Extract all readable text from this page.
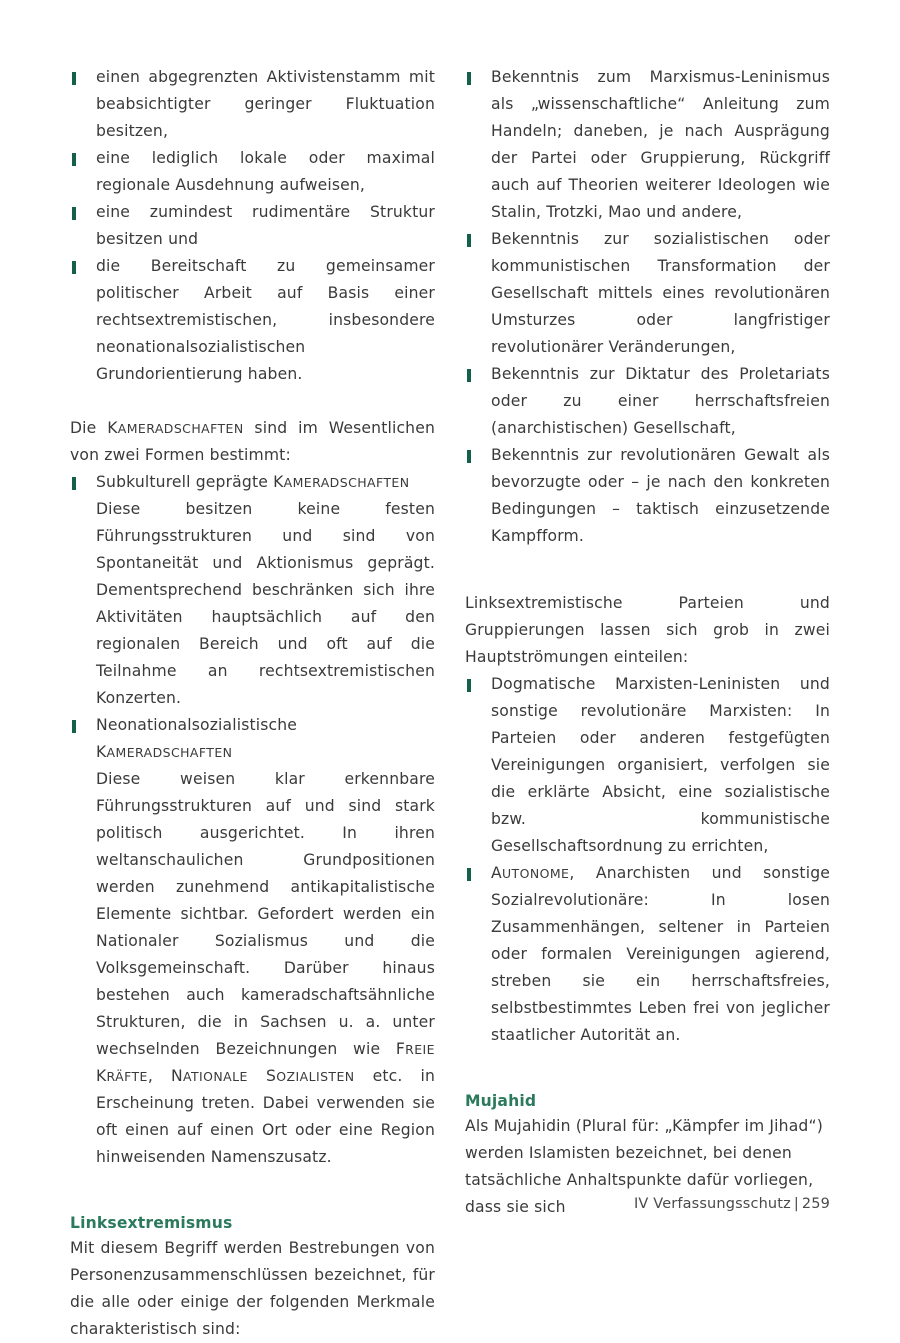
einen abgegrenzten Aktivistenstamm mit beabsichtigter geringer Fluktuation besitzen,
eine lediglich lokale oder maximal regionale Ausdehnung aufweisen,
eine zumindest rudimentäre Struktur besitzen und
die Bereitschaft zu gemeinsamer politischer Arbeit auf Basis einer rechtsextremistischen, insbesondere neonationalsozialistischen Grundorientierung haben.

Die KAMERADSCHAFTEN sind im Wesentlichen von zwei Formen bestimmt:

Subkulturell geprägte KAMERADSCHAFTEN
Diese besitzen keine festen Führungsstrukturen und sind von Spontaneität und Aktionismus geprägt. Dementsprechend beschränken sich ihre Aktivitäten hauptsächlich auf den regionalen Bereich und oft auf die Teilnahme an rechtsextremistischen Konzerten.
Neonationalsozialistische KAMERADSCHAFTEN
Diese weisen klar erkennbare Führungsstrukturen auf und sind stark politisch ausgerichtet. In ihren weltanschaulichen Grundpositionen werden zunehmend antikapitalistische Elemente sichtbar. Gefordert werden ein Nationaler Sozialismus und die Volksgemeinschaft. Darüber hinaus bestehen auch kameradschaftsähnliche Strukturen, die in Sachsen u. a. unter wechselnden Bezeichnungen wie FREIE KRÄFTE, NATIONALE SOZIALISTEN etc. in Erscheinung treten. Dabei verwenden sie oft einen auf einen Ort oder eine Region hinweisenden Namenszusatz.
Linksextremismus

Mit diesem Begriff werden Bestrebungen von Personenzusammenschlüssen bezeichnet, für die alle oder einige der folgenden Merkmale charakteristisch sind:

Bekenntnis zum Marxismus-Leninismus als „wissenschaftliche“ Anleitung zum Handeln; daneben, je nach Ausprägung der Partei oder Gruppierung, Rückgriff auch auf Theorien weiterer Ideologen wie Stalin, Trotzki, Mao und andere,
Bekenntnis zur sozialistischen oder kommunistischen Transformation der Gesellschaft mittels eines revolutionären Umsturzes oder langfristiger revolutionärer Veränderungen,
Bekenntnis zur Diktatur des Proletariats oder zu einer herrschaftsfreien (anarchistischen) Gesellschaft,
Bekenntnis zur revolutionären Gewalt als bevorzugte oder – je nach den konkreten Bedingungen – taktisch einzusetzende Kampfform.

Linksextremistische Parteien und Gruppierungen lassen sich grob in zwei Hauptströmungen einteilen:

Dogmatische Marxisten-Leninisten und sonstige revolutionäre Marxisten: In Parteien oder anderen festgefügten Vereinigungen organisiert, verfolgen sie die erklärte Absicht, eine sozialistische bzw. kommunistische Gesellschaftsordnung zu errichten,
AUTONOME, Anarchisten und sonstige Sozialrevolutionäre: In losen Zusammenhängen, seltener in Parteien oder formalen Vereinigungen agierend, streben sie ein herrschaftsfreies, selbstbestimmtes Leben frei von jeglicher staatlicher Autorität an.
Mujahid

Als Mujahidin (Plural für: „Kämpfer im Jihad“) werden Islamisten bezeichnet, bei denen tatsächliche Anhaltspunkte dafür vorliegen, dass sie sich	IV Verfassungsschutz | 259
